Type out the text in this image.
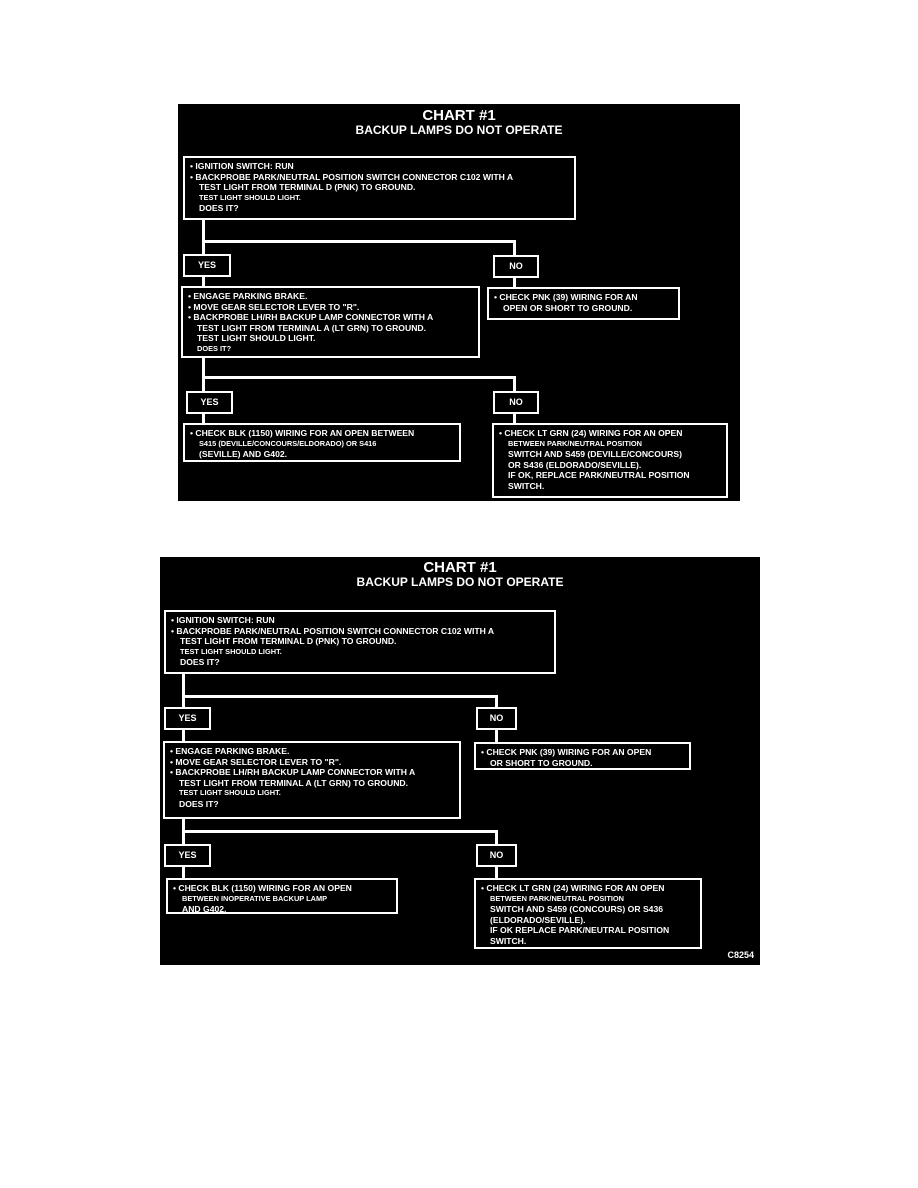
CHART #1
BACKUP LAMPS DO NOT OPERATE
• IGNITION SWITCH: RUN
• BACKPROBE PARK/NEUTRAL POSITION SWITCH CONNECTOR C102 WITH A
TEST LIGHT FROM TERMINAL D (PNK) TO GROUND.
TEST LIGHT SHOULD LIGHT.
DOES IT?
YES	NO
• ENGAGE PARKING BRAKE.
• MOVE GEAR SELECTOR LEVER TO "R".
• BACKPROBE LH/RH BACKUP LAMP CONNECTOR WITH A
TEST LIGHT FROM TERMINAL A (LT GRN) TO GROUND.
TEST LIGHT SHOULD LIGHT.
DOES IT?
• CHECK PNK (39) WIRING FOR AN
OPEN OR SHORT TO GROUND.
YES	NO
• CHECK BLK (1150) WIRING FOR AN OPEN BETWEEN
S415 (DEVILLE/CONCOURS/ELDORADO) OR S416
(SEVILLE) AND G402.
• CHECK LT GRN (24) WIRING FOR AN OPEN
BETWEEN PARK/NEUTRAL POSITION
SWITCH AND S459 (DEVILLE/CONCOURS)
OR S436 (ELDORADO/SEVILLE).
IF OK, REPLACE PARK/NEUTRAL POSITION
SWITCH.
CHART #1
BACKUP LAMPS DO NOT OPERATE
• IGNITION SWITCH: RUN
• BACKPROBE PARK/NEUTRAL POSITION SWITCH CONNECTOR C102 WITH A
TEST LIGHT FROM TERMINAL D (PNK) TO GROUND.
TEST LIGHT SHOULD LIGHT.
DOES IT?
YES	NO
• ENGAGE PARKING BRAKE.
• MOVE GEAR SELECTOR LEVER TO "R".
• BACKPROBE LH/RH BACKUP LAMP CONNECTOR WITH A
TEST LIGHT FROM TERMINAL A (LT GRN) TO GROUND.
TEST LIGHT SHOULD LIGHT.
DOES IT?
• CHECK PNK (39) WIRING FOR AN OPEN
OR SHORT TO GROUND.
YES	NO
• CHECK BLK (1150) WIRING FOR AN OPEN
BETWEEN INOPERATIVE BACKUP LAMP
AND G402.
• CHECK LT GRN (24) WIRING FOR AN OPEN
BETWEEN PARK/NEUTRAL POSITION
SWITCH AND S459 (CONCOURS) OR S436
(ELDORADO/SEVILLE).
IF OK REPLACE PARK/NEUTRAL POSITION
SWITCH.
C8254
